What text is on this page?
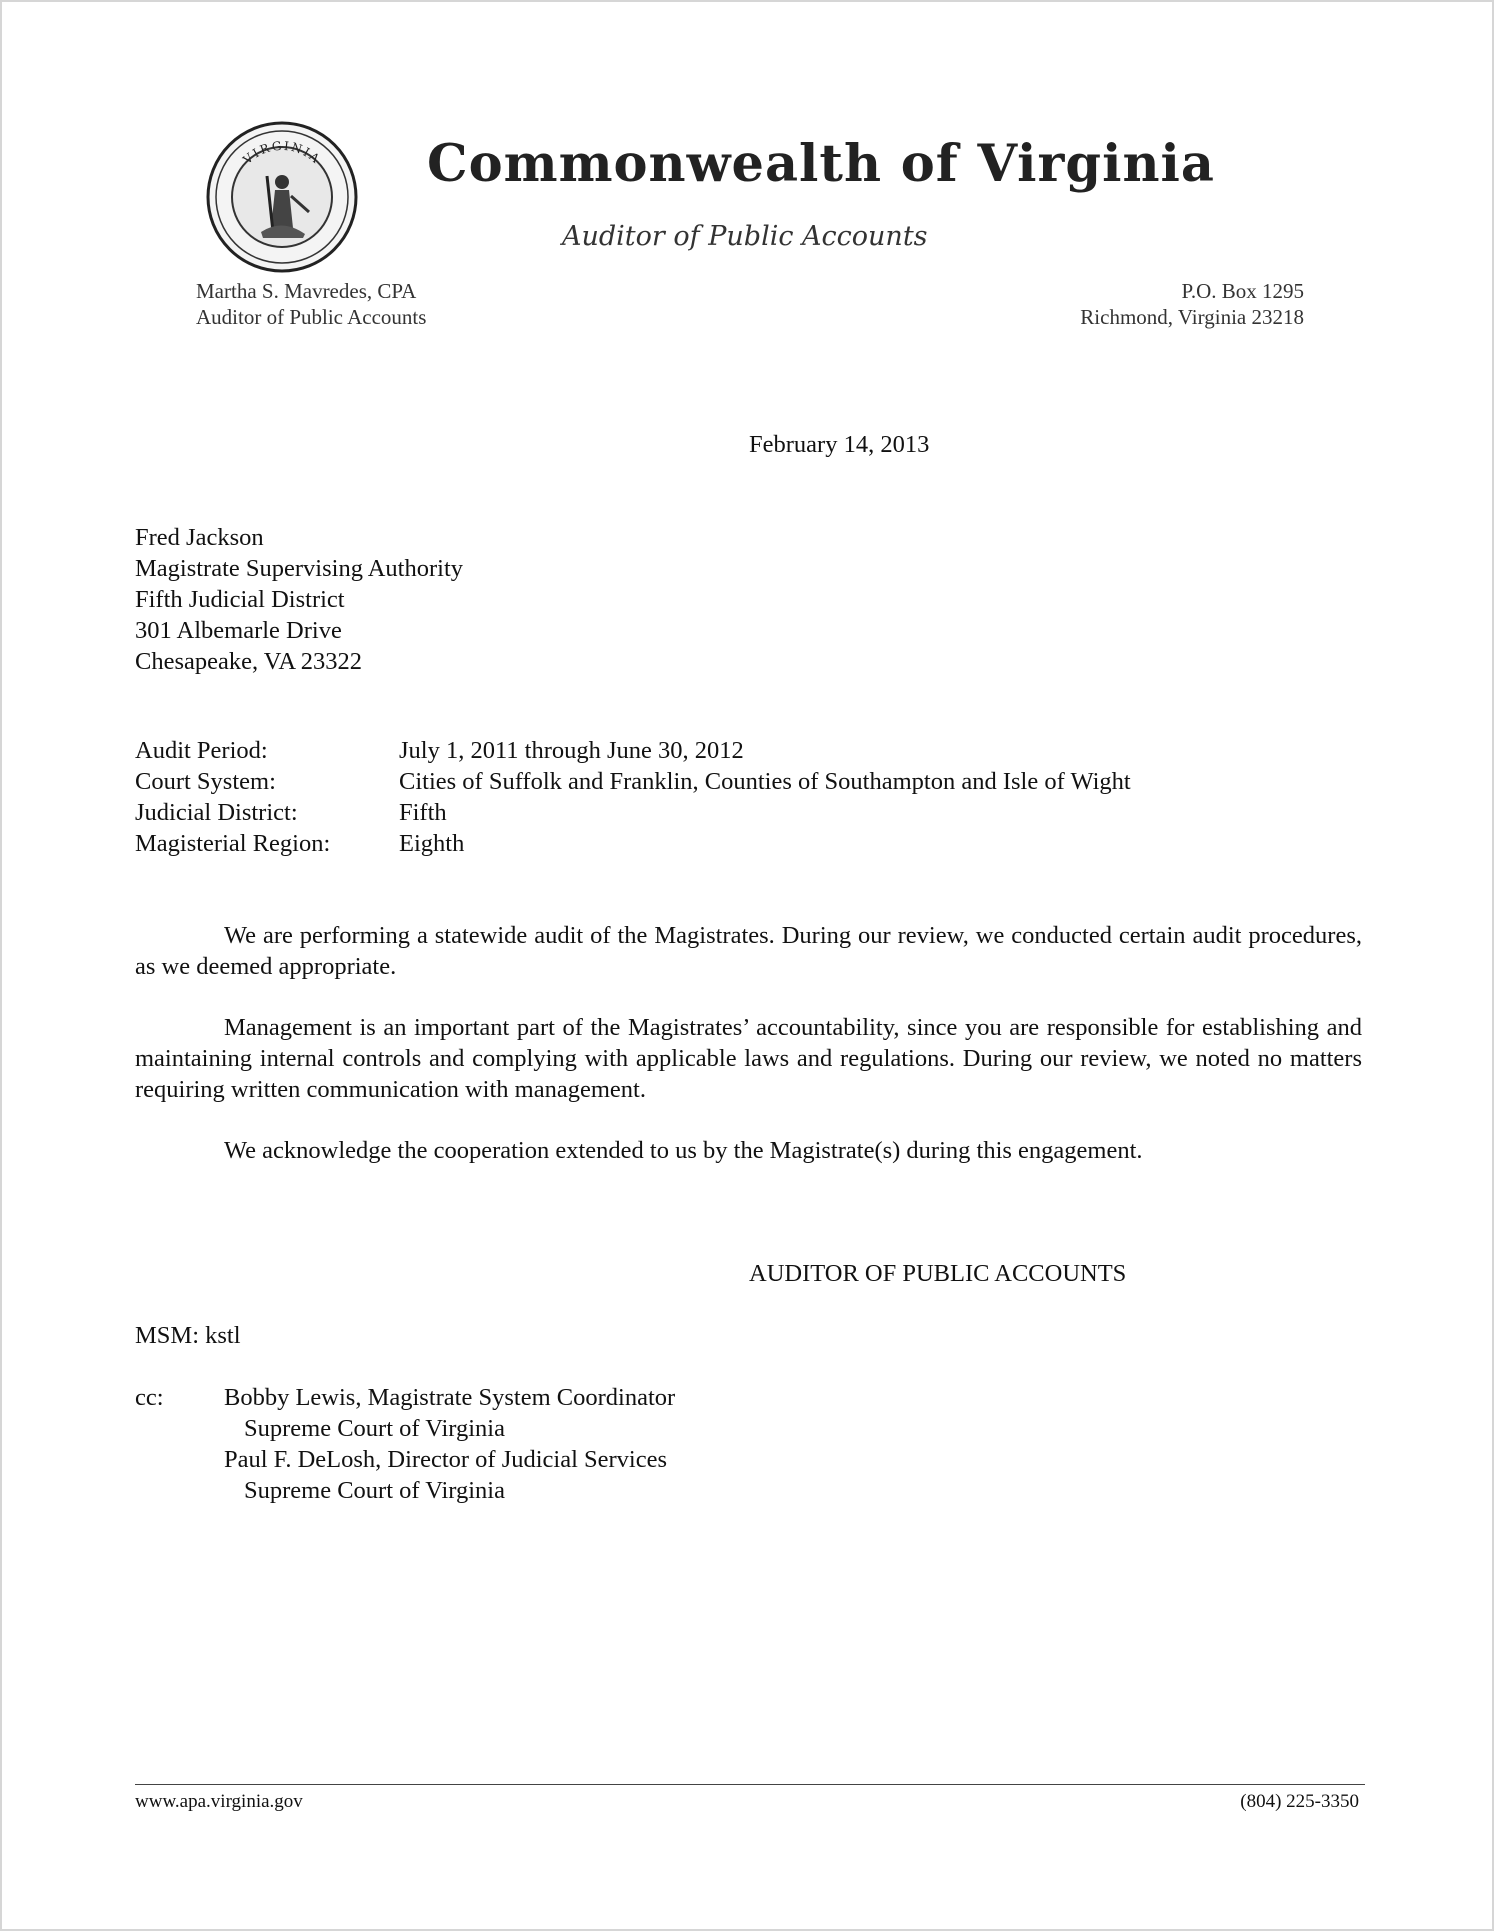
VIRGINIA Commonwealth of Virginia
Auditor of Public Accounts
Martha S. Mavredes, CPA
Auditor of Public Accounts
P.O. Box 1295
Richmond, Virginia 23218
February 14, 2013
Fred Jackson
Magistrate Supervising Authority
Fifth Judicial District
301 Albemarle Drive
Chesapeake, VA 23322
Audit Period:	July 1, 2011 through June 30, 2012
Court System:	Cities of Suffolk and Franklin, Counties of Southampton and Isle of Wight
Judicial District:	Fifth
Magisterial Region:	Eighth

We are performing a statewide audit of the Magistrates. During our review, we conducted certain audit procedures, as we deemed appropriate.

Management is an important part of the Magistrates’ accountability, since you are responsible for establishing and maintaining internal controls and complying with applicable laws and regulations. During our review, we noted no matters requiring written communication with management.

We acknowledge the cooperation extended to us by the Magistrate(s) during this engagement.

AUDITOR OF PUBLIC ACCOUNTS
MSM: kstl
cc:	Bobby Lewis, Magistrate System Coordinator
Supreme Court of Virginia
Paul F. DeLosh, Director of Judicial Services
Supreme Court of Virginia
www.apa.virginia.gov	(804) 225-3350
